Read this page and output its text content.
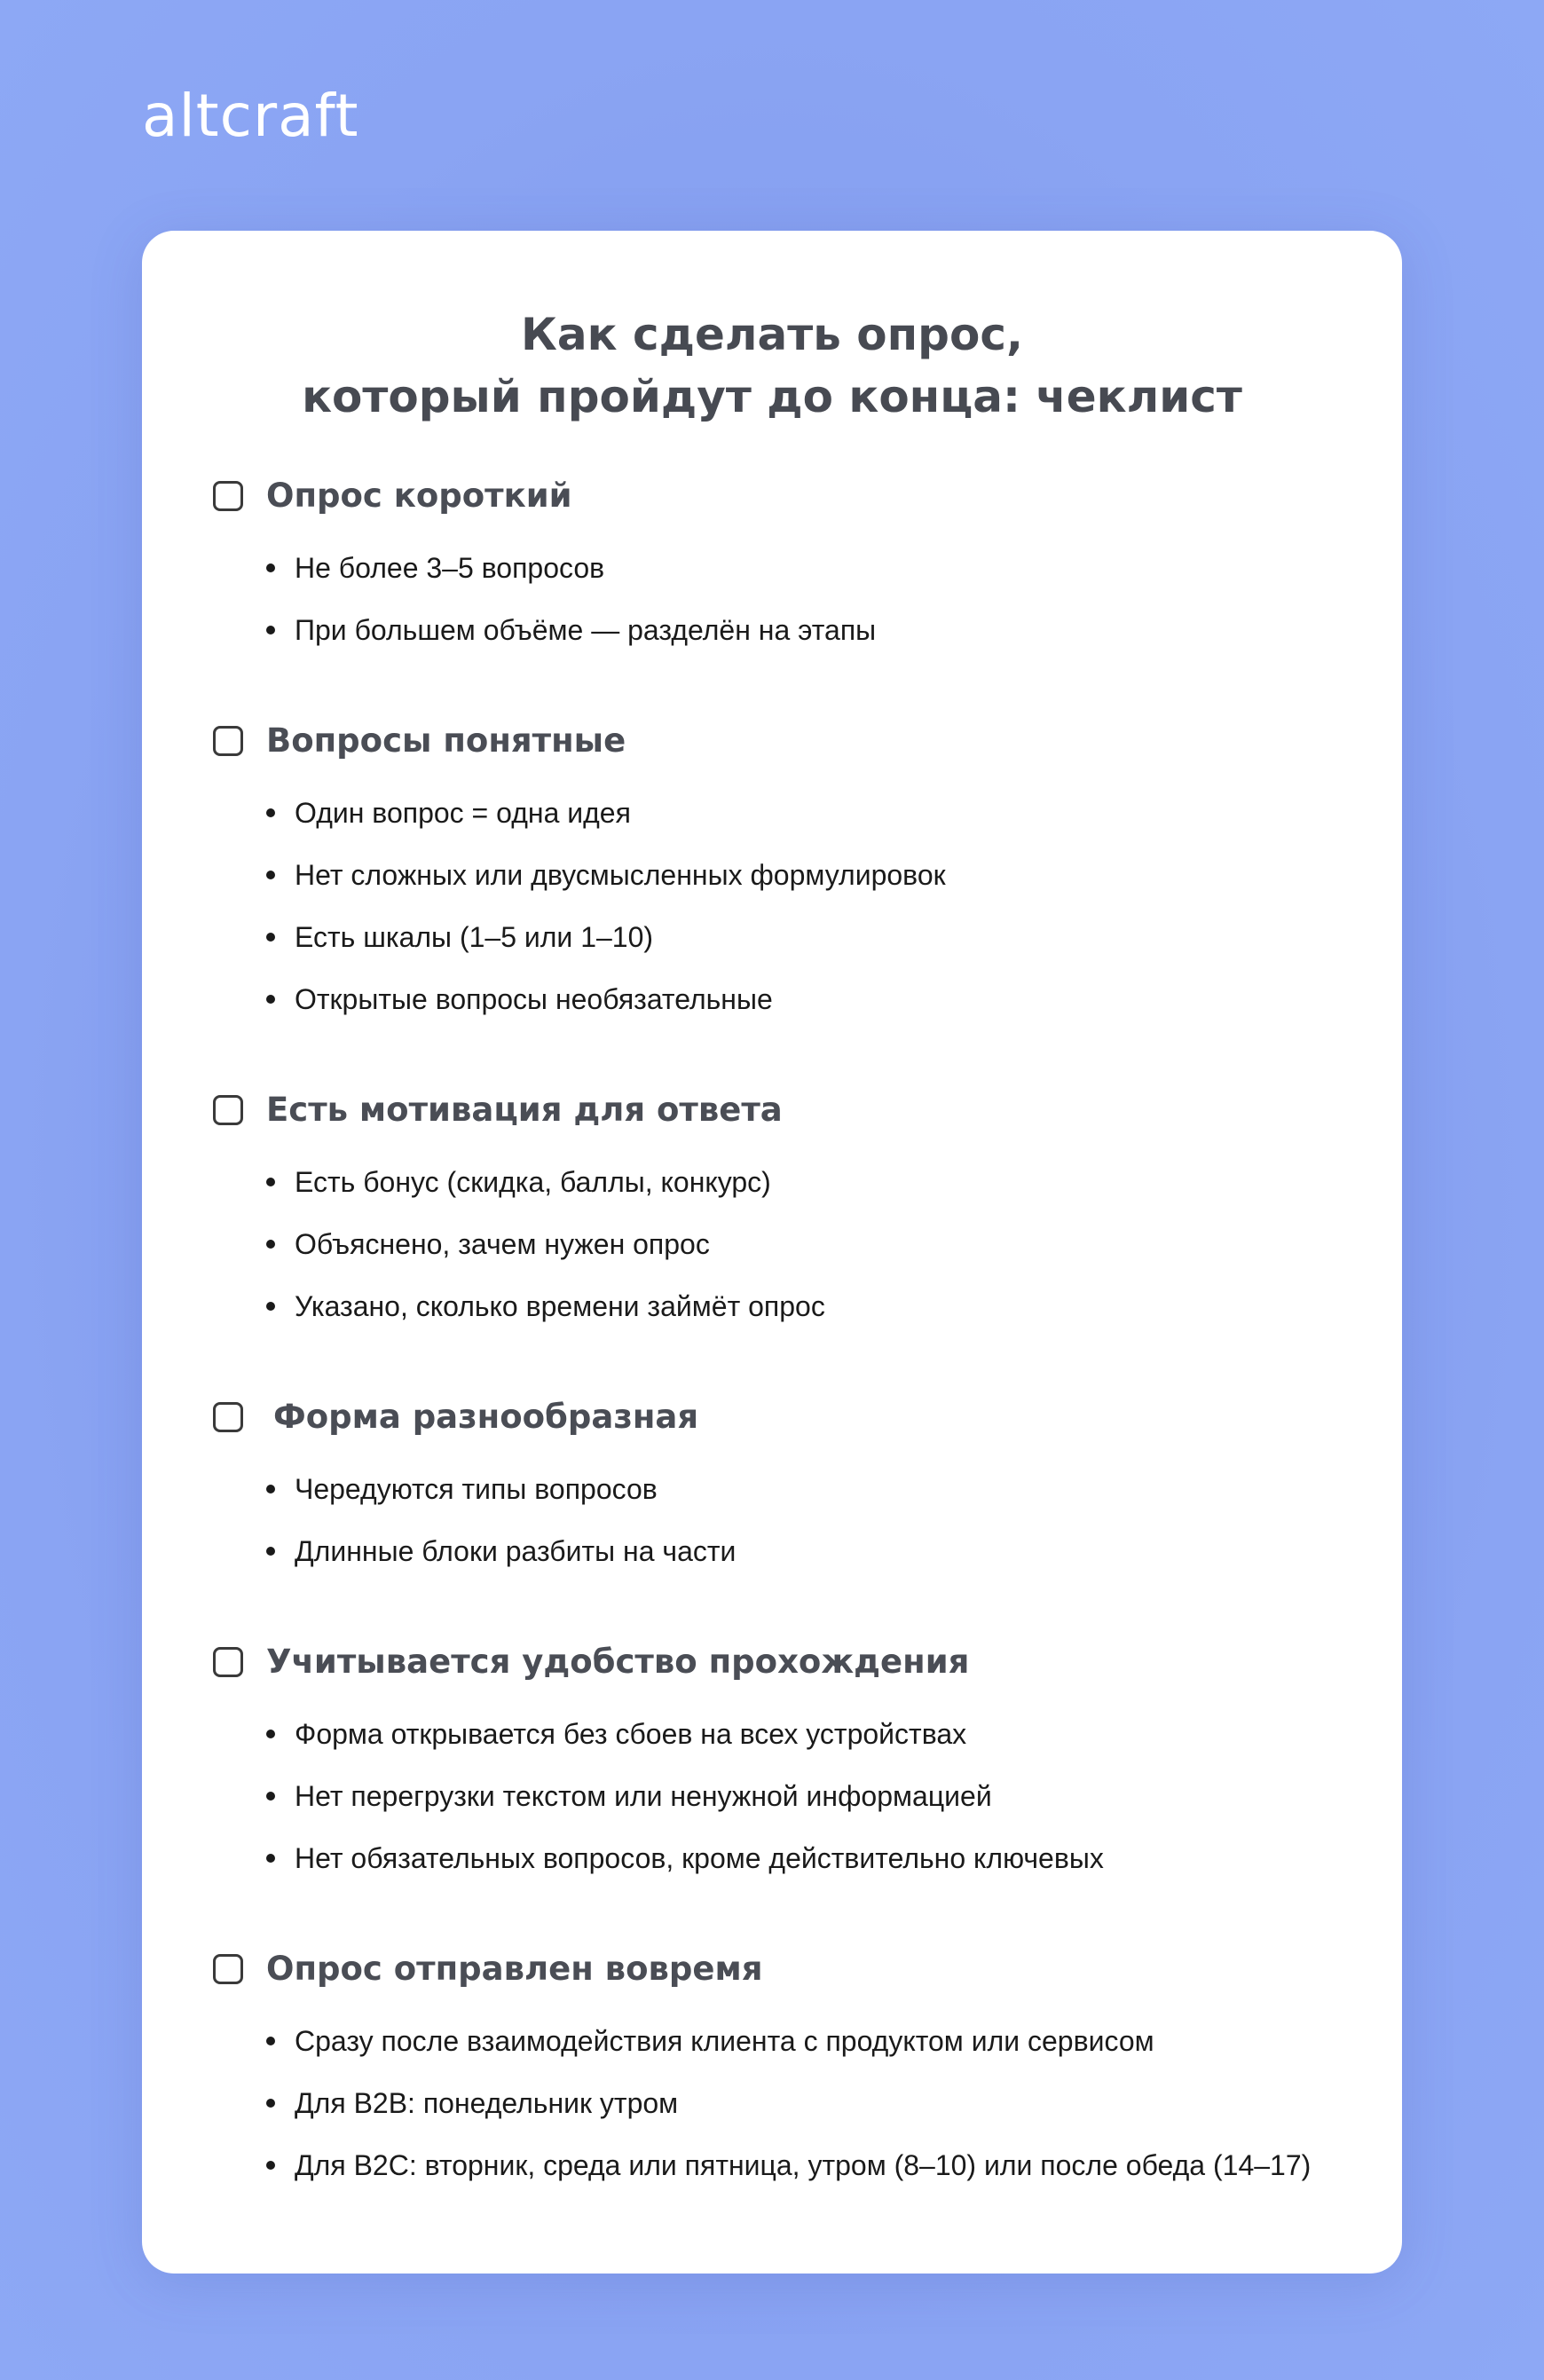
altcraft
Как сделать опрос,
который пройдут до конца: чеклист
Опрос короткий
Не более 3–5 вопросов
При большем объёме — разделён на этапы
Вопросы понятные
Один вопрос = одна идея
Нет сложных или двусмысленных формулировок
Есть шкалы (1–5 или 1–10)
Открытые вопросы необязательные
Есть мотивация для ответа
Есть бонус (скидка, баллы, конкурс)
Объяснено, зачем нужен опрос
Указано, сколько времени займёт опрос
Форма разнообразная
Чередуются типы вопросов
Длинные блоки разбиты на части
Учитывается удобство прохождения
Форма открывается без сбоев на всех устройствах
Нет перегрузки текстом или ненужной информацией
Нет обязательных вопросов, кроме действительно ключевых
Опрос отправлен вовремя
Сразу после взаимодействия клиента с продуктом или сервисом
Для B2B: понедельник утром
Для B2C: вторник, среда или пятница, утром (8–10) или после обеда (14–17)
